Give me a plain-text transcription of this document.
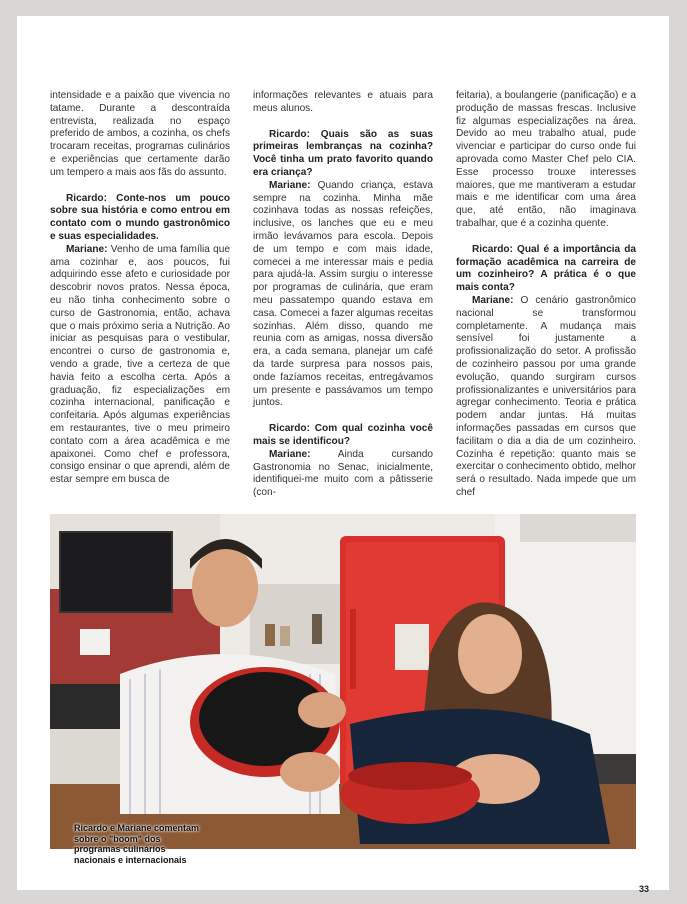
intensidade e a paixão que vivencia no tatame. Durante a descontraída entrevista, realizada no espaço preferido de ambos, a cozinha, os chefs trocaram receitas, programas culinários e experiências que certamente darão um tempero a mais aos fãs do assunto.

Ricardo: Conte-nos um pouco sobre sua história e como entrou em contato com o mundo gastronômico e suas especialidades.

Mariane: Venho de uma família que ama cozinhar e, aos poucos, fui adquirindo esse afeto e curiosidade por descobrir novos pratos. Nessa época, eu não tinha conhecimento sobre o curso de Gastronomia, então, achava que o mais próximo seria a Nutrição. Ao iniciar as pesquisas para o vestibular, encontrei o curso de gastronomia e, vendo a grade, tive a certeza de que havia feito a escolha certa. Após a graduação, fiz especializações em cozinha internacional, panificação e confeitaria. Após algumas experiências em restaurantes, tive o meu primeiro contato com a área acadêmica e me apaixonei. Como chef e professora, consigo ensinar o que aprendi, além de estar sempre em busca de

informações relevantes e atuais para meus alunos.

Ricardo: Quais são as suas primeiras lembranças na cozinha? Você tinha um prato favorito quando era criança?

Mariane: Quando criança, estava sempre na cozinha. Minha mãe cozinhava todas as nossas refeições, inclusive, os lanches que eu e meu irmão levávamos para escola. Depois de um tempo e com mais idade, comecei a me interessar mais e pedia para ajudá-la. Assim surgiu o interesse por programas de culinária, que eram meu passatempo quando estava em casa. Comecei a fazer algumas receitas sozinhas. Além disso, quando me reunia com as amigas, nossa diversão era, a cada semana, planejar um café da tarde surpresa para nossos pais, onde fazíamos receitas, entregávamos um presente e passávamos um tempo juntos.

Ricardo: Com qual cozinha você mais se identificou?

Mariane: Ainda cursando Gastronomia no Senac, inicialmente, identifiquei-me muito com a pâtisserie (con-

feitaria), a boulangerie (panificação) e a produção de massas frescas. Inclusive fiz algumas especializações na área. Devido ao meu trabalho atual, pude vivenciar e participar do curso onde fui aprovada como Master Chef pelo CIA. Esse processo trouxe interesses maiores, que me mantiveram a estudar mais e me identificar com uma área que, até então, não imaginava trabalhar, que é a cozinha quente.

Ricardo: Qual é a importância da formação acadêmica na carreira de um cozinheiro? A prática é o que mais conta?

Mariane: O cenário gastronômico nacional se transformou completamente. A mudança mais sensível foi justamente a profissionalização do setor. A profissão de cozinheiro passou por uma grande evolução, quando surgiram cursos profissionalizantes e universitários para agregar conhecimento. Teoria e prática podem andar juntas. Há muitas informações passadas em cursos que facilitam o dia a dia de um cozinheiro. Cozinha é repetição: quanto mais se exercitar o conhecimento obtido, melhor será o resultado. Nada impede que um chef

Ricardo e Mariane comentam sobre o "boom" dos programas culinários nacionais e internacionais
33
